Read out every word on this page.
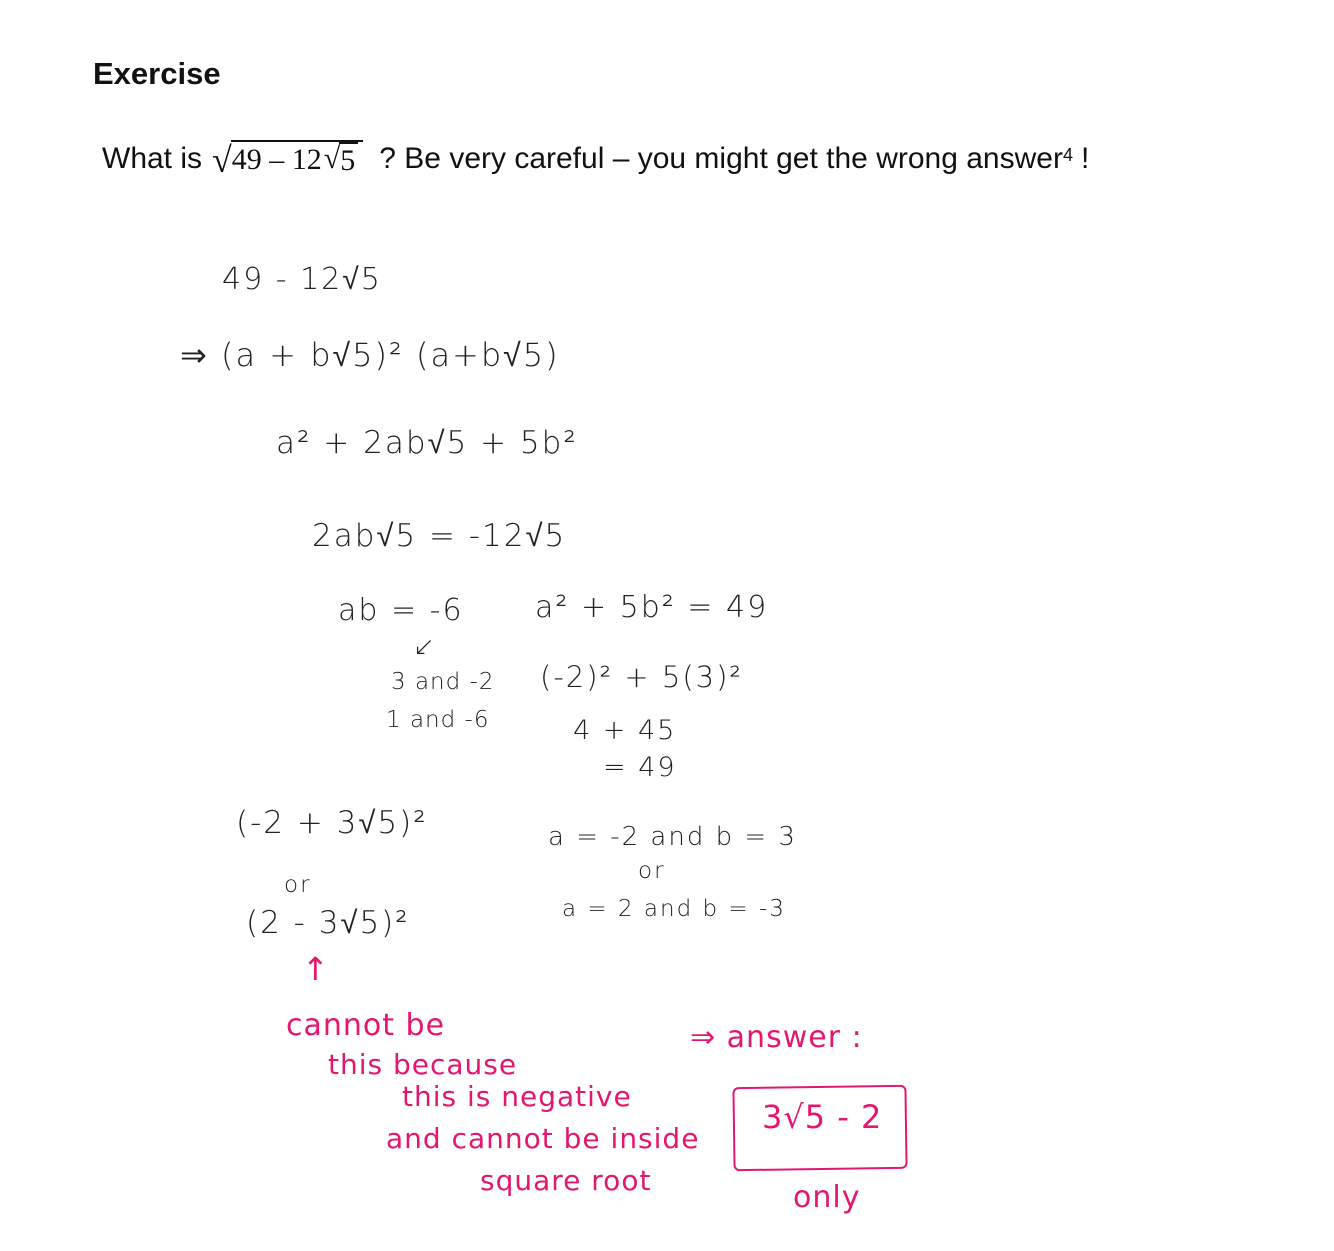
Exercise
What is √ 49 – 12 √ 5 ? Be very careful – you might get the wrong answer$^4$ !
49 - 12√5
⇒ (a + b√5)² (a+b√5)
a² + 2ab√5 + 5b²
2ab√5 = -12√5
ab = -6 a² + 5b² = 49
↙
3 and -2
1 and -6
(-2)² + 5(3)²
4 + 45
= 49
(-2 + 3√5)²
or
(2 - 3√5)²
a = -2 and b = 3
or
a = 2 and b = -3
↑
cannot be
this because
this is negative
and cannot be inside
square root
⇒ answer :
3√5 - 2
only
